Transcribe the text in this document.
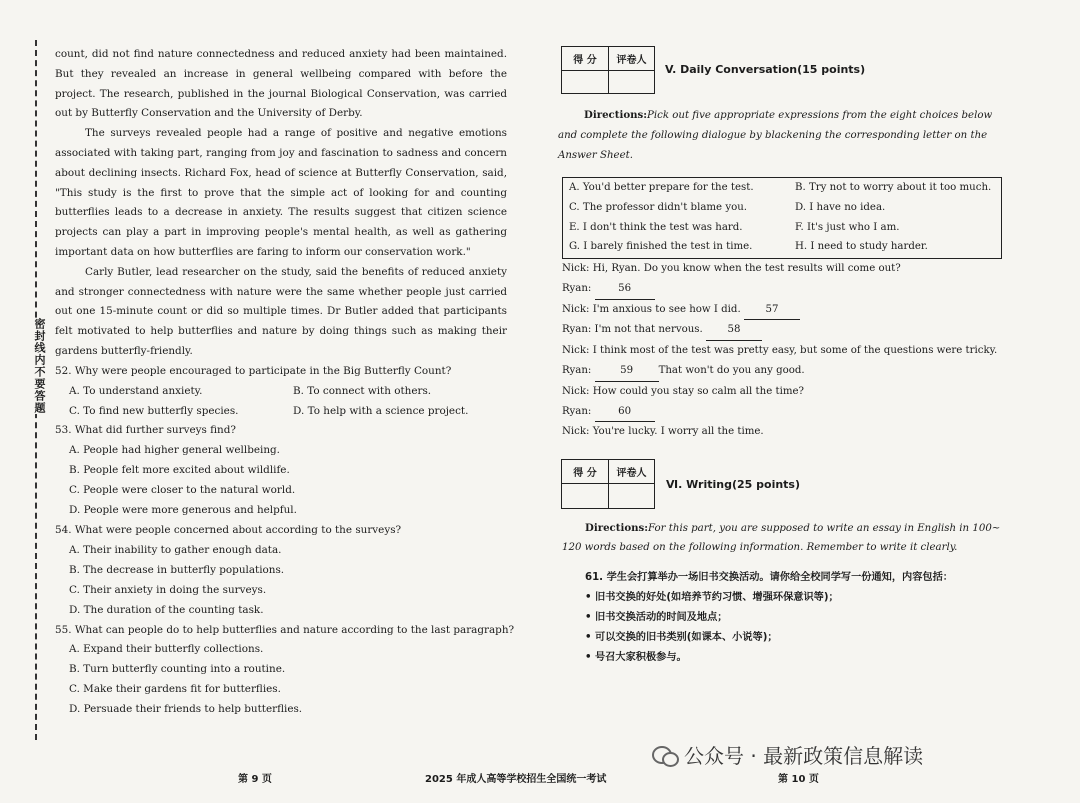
密封线内不要答题

count, did not find nature connectedness and reduced anxiety had been maintained. But they revealed an increase in general wellbeing compared with before the project. The research, published in the journal Biological Conservation, was carried out by Butterfly Conservation and the University of Derby.

The surveys revealed people had a range of positive and negative emotions associated with taking part, ranging from joy and fascination to sadness and concern about declining insects. Richard Fox, head of science at Butterfly Conservation, said, "This study is the first to prove that the simple act of looking for and counting butterflies leads to a decrease in anxiety. The results suggest that citizen science projects can play a part in improving people's mental health, as well as gathering important data on how butterflies are faring to inform our conservation work."

Carly Butler, lead researcher on the study, said the benefits of reduced anxiety and stronger connectedness with nature were the same whether people just carried out one 15-minute count or did so multiple times. Dr Butler added that participants felt motivated to help butterflies and nature by doing things such as making their gardens butterfly-friendly.

52. Why were people encouraged to participate in the Big Butterfly Count?

A. To understand anxiety.	B. To connect with others.
C. To find new butterfly species.	D. To help with a science project.

53. What did further surveys find?

A. People had higher general wellbeing.
B. People felt more excited about wildlife.
C. People were closer to the natural world.
D. People were more generous and helpful.

54. What were people concerned about according to the surveys?

A. Their inability to gather enough data.
B. The decrease in butterfly populations.
C. Their anxiety in doing the surveys.
D. The duration of the counting task.

55. What can people do to help butterflies and nature according to the last paragraph?

A. Expand their butterfly collections.
B. Turn butterfly counting into a routine.
C. Make their gardens fit for butterflies.
D. Persuade their friends to help butterflies.
得 分	评卷人

V. Daily Conversation(15 points)

Directions:Pick out five appropriate expressions from the eight choices below and complete the following dialogue by blackening the corresponding letter on the Answer Sheet.

A. You'd better prepare for the test.	B. Try not to worry about it too much.
C. The professor didn't blame you.	D. I have no idea.
E. I don't think the test was hard.	F. It's just who I am.
G. I barely finished the test in time.	H. I need to study harder.
Nick: Hi, Ryan. Do you know when the test results will come out?
Ryan:	56
Nick: I'm anxious to see how I did. 57
Ryan: I'm not that nervous. 58
Nick: I think most of the test was pretty easy, but some of the questions were tricky.
Ryan:	59	That won't do you any good.
Nick: How could you stay so calm all the time?
Ryan:	60
Nick: You're lucky. I worry all the time.
得 分	评卷人

Ⅵ. Writing(25 points)
Directions:For this part, you are supposed to write an essay in English in 100~
120 words based on the following information. Remember to write it clearly.
61. 学生会打算举办一场旧书交换活动。请你给全校同学写一份通知，内容包括：
• 旧书交换的好处(如培养节约习惯、增强环保意识等)；
• 旧书交换活动的时间及地点；
• 可以交换的旧书类别(如课本、小说等)；
• 号召大家积极参与。
第 9 页	2025 年成人高等学校招生全国统一考试	第 10 页
公众号 · 最新政策信息解读
